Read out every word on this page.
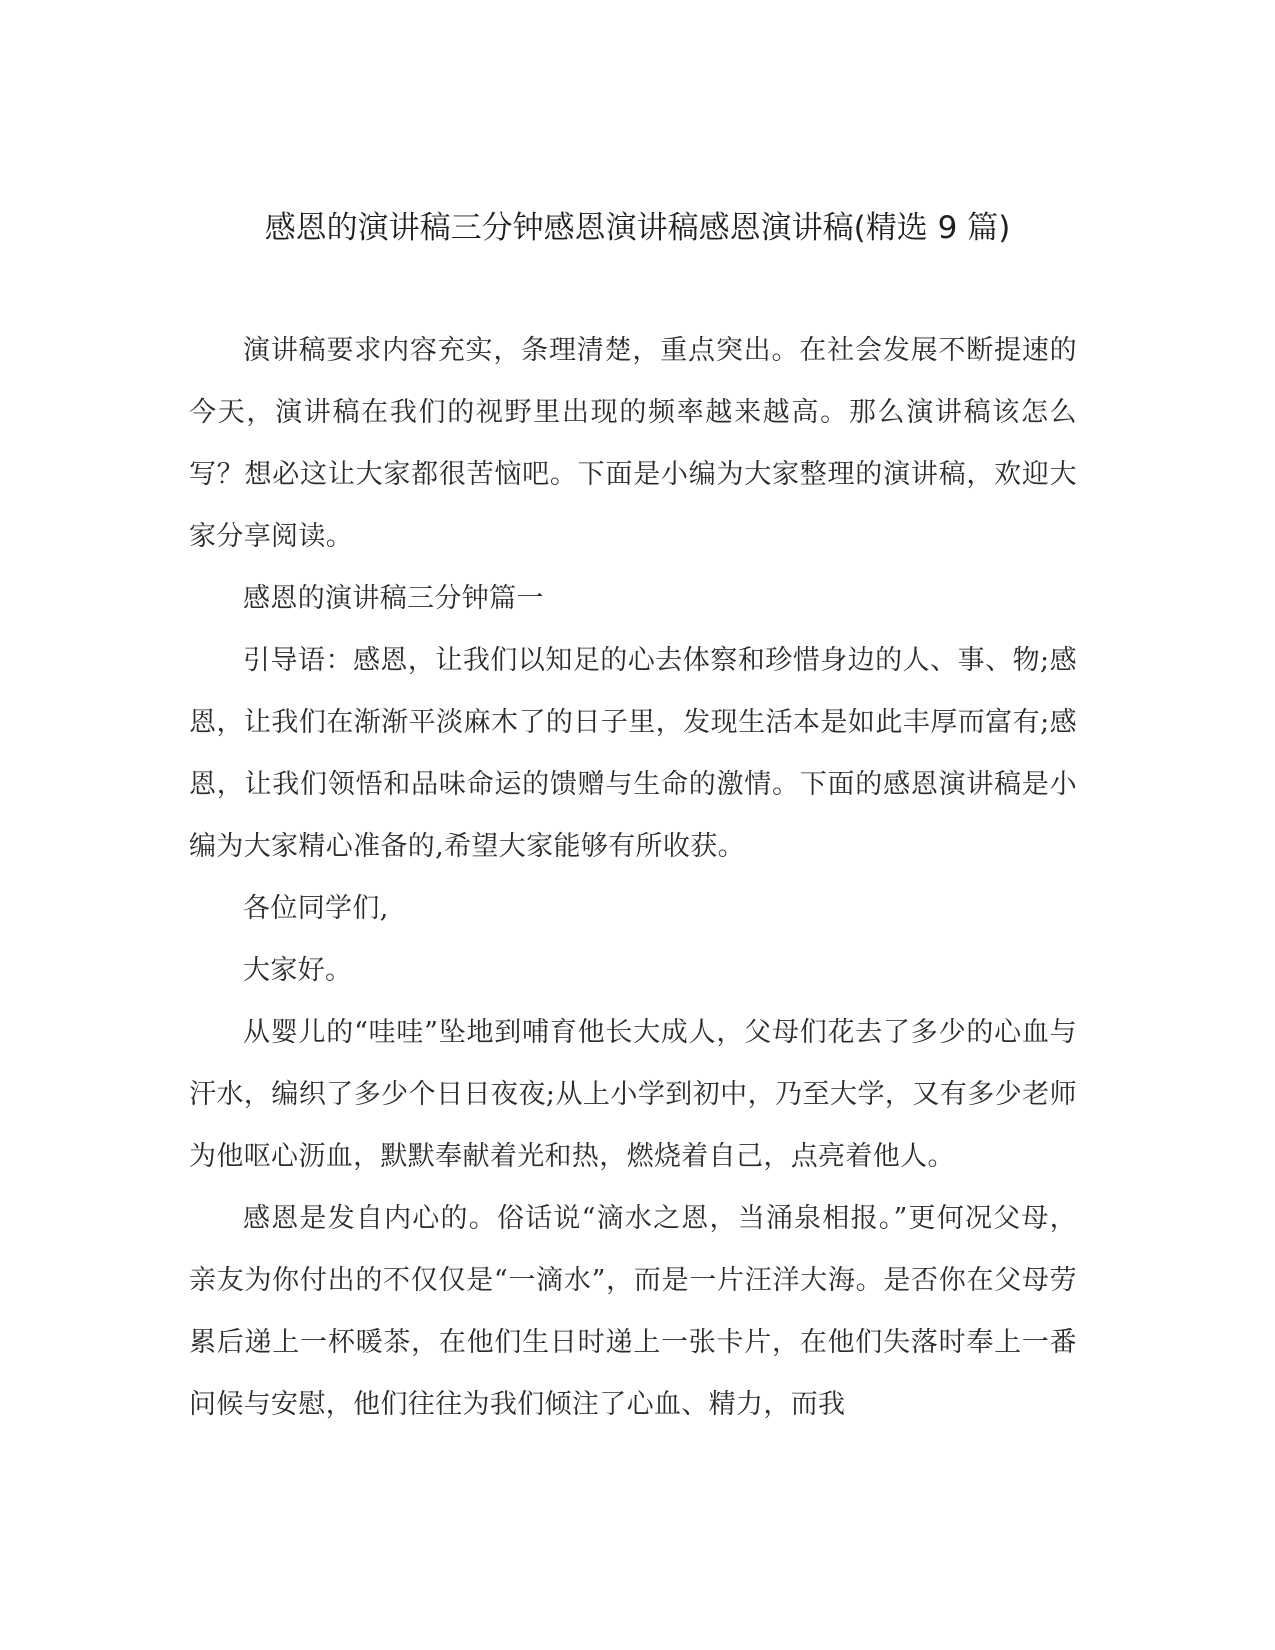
感恩的演讲稿三分钟感恩演讲稿感恩演讲稿(精选 9 篇)

演讲稿要求内容充实，条理清楚，重点突出。在社会发展不断提速的今天，演讲稿在我们的视野里出现的频率越来越高。那么演讲稿该怎么写？想必这让大家都很苦恼吧。下面是小编为大家整理的演讲稿，欢迎大家分享阅读。

感恩的演讲稿三分钟篇一

引导语：感恩，让我们以知足的心去体察和珍惜身边的人、事、物;感恩，让我们在渐渐平淡麻木了的日子里，发现生活本是如此丰厚而富有;感恩，让我们领悟和品味命运的馈赠与生命的激情。下面的感恩演讲稿是小编为大家精心准备的,希望大家能够有所收获。

各位同学们,

大家好。

从婴儿的“哇哇”坠地到哺育他长大成人，父母们花去了多少的心血与汗水，编织了多少个日日夜夜;从上小学到初中，乃至大学，又有多少老师为他呕心沥血，默默奉献着光和热，燃烧着自己，点亮着他人。

感恩是发自内心的。俗话说“滴水之恩，当涌泉相报。”更何况父母，亲友为你付出的不仅仅是“一滴水”，而是一片汪洋大海。是否你在父母劳累后递上一杯暖茶，在他们生日时递上一张卡片，在他们失落时奉上一番问候与安慰，他们往往为我们倾注了心血、精力，而我
